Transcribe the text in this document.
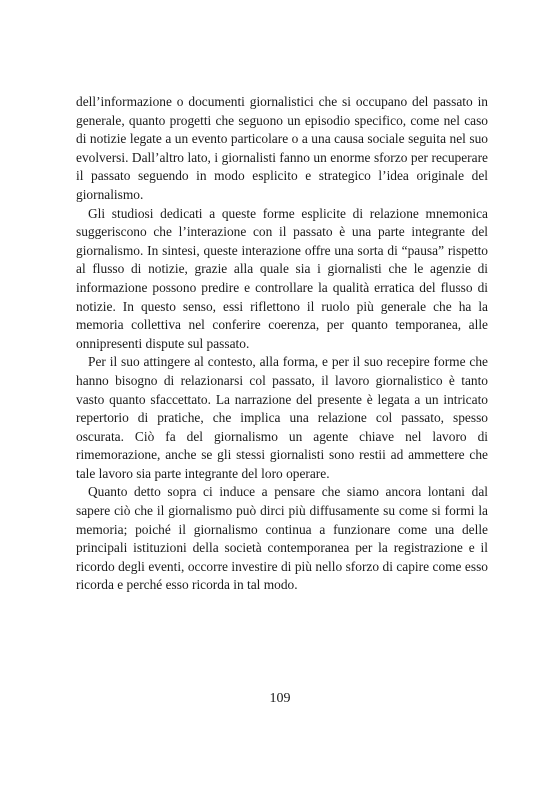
dell’informazione o documenti giornalistici che si occupano del passato in generale, quanto progetti che seguono un episodio specifico, come nel caso di notizie legate a un evento particolare o a una causa sociale seguita nel suo evolversi. Dall’altro lato, i giornalisti fanno un enorme sforzo per recuperare il passato seguendo in modo esplicito e strategico l’idea originale del giornalismo.

Gli studiosi dedicati a queste forme esplicite di relazione mnemonica suggeriscono che l’interazione con il passato è una parte integrante del giornalismo. In sintesi, queste interazione offre una sorta di “pausa” rispetto al flusso di notizie, grazie alla quale sia i giornalisti che le agenzie di informazione possono predire e controllare la qualità erratica del flusso di notizie. In questo senso, essi riflettono il ruolo più generale che ha la memoria collettiva nel conferire coerenza, per quanto temporanea, alle onnipresenti dispute sul passato.

Per il suo attingere al contesto, alla forma, e per il suo recepire forme che hanno bisogno di relazionarsi col passato, il lavoro giornalistico è tanto vasto quanto sfaccettato. La narrazione del presente è legata a un intricato repertorio di pratiche, che implica una relazione col passato, spesso oscurata. Ciò fa del giornalismo un agente chiave nel lavoro di rimemorazione, anche se gli stessi giornalisti sono restii ad ammettere che tale lavoro sia parte integrante del loro operare.

Quanto detto sopra ci induce a pensare che siamo ancora lontani dal sapere ciò che il giornalismo può dirci più diffusamente su come si formi la memoria; poiché il giornalismo continua a funzionare come una delle principali istituzioni della società contemporanea per la registrazione e il ricordo degli eventi, occorre investire di più nello sforzo di capire come esso ricorda e perché esso ricorda in tal modo.

109
